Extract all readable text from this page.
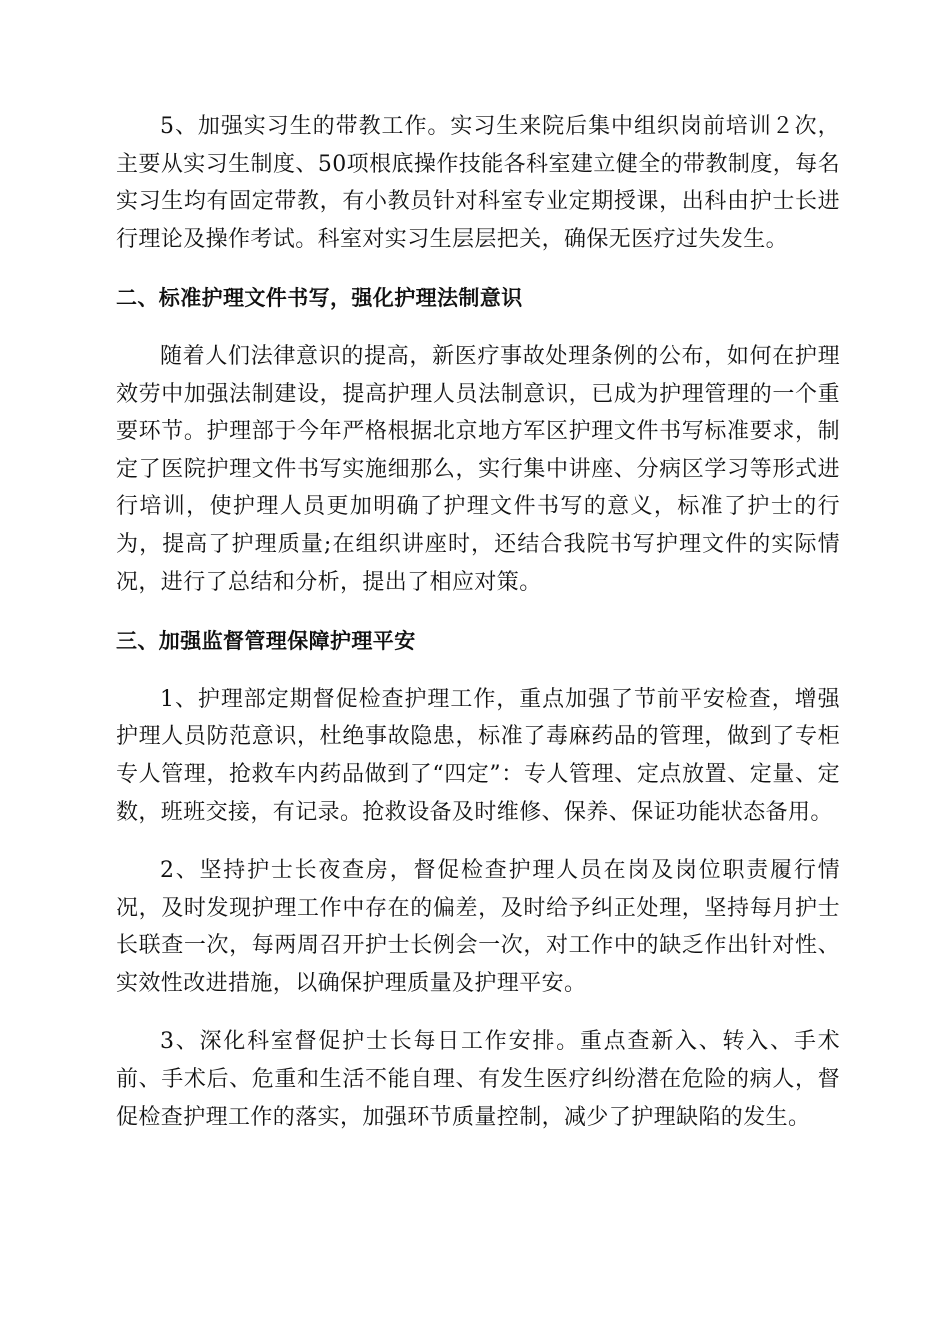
5、加强实习生的带教工作。实习生来院后集中组织岗前培训２次，主要从实习生制度、50项根底操作技能各科室建立健全的带教制度，每名实习生均有固定带教，有小教员针对科室专业定期授课，出科由护士长进行理论及操作考试。科室对实习生层层把关，确保无医疗过失发生。

二、标准护理文件书写，强化护理法制意识

随着人们法律意识的提高，新医疗事故处理条例的公布，如何在护理效劳中加强法制建设，提高护理人员法制意识，已成为护理管理的一个重要环节。护理部于今年严格根据北京地方军区护理文件书写标准要求，制定了医院护理文件书写实施细那么，实行集中讲座、分病区学习等形式进行培训，使护理人员更加明确了护理文件书写的意义，标准了护士的行为，提高了护理质量;在组织讲座时，还结合我院书写护理文件的实际情况，进行了总结和分析，提出了相应对策。

三、加强监督管理保障护理平安

1、护理部定期督促检查护理工作，重点加强了节前平安检查，增强护理人员防范意识，杜绝事故隐患，标准了毒麻药品的管理，做到了专柜专人管理，抢救车内药品做到了“四定”：专人管理、定点放置、定量、定数，班班交接，有记录。抢救设备及时维修、保养、保证功能状态备用。

2、坚持护士长夜查房，督促检查护理人员在岗及岗位职责履行情况，及时发现护理工作中存在的偏差，及时给予纠正处理，坚持每月护士长联查一次，每两周召开护士长例会一次，对工作中的缺乏作出针对性、实效性改进措施，以确保护理质量及护理平安。

3、深化科室督促护士长每日工作安排。重点查新入、转入、手术前、手术后、危重和生活不能自理、有发生医疗纠纷潜在危险的病人，督促检查护理工作的落实，加强环节质量控制，减少了护理缺陷的发生。
